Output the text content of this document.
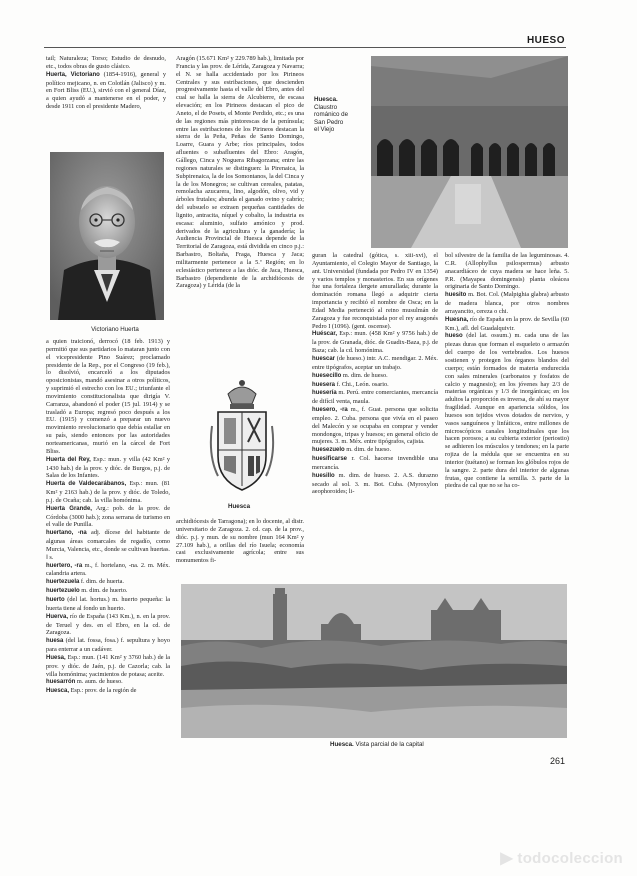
HUESO

tail; Naturaleza; Torso; Estudio de desnudo, etc., todos obras de gusto clásico.

Huerta, Victoriano (1854-1916), general y político mejicano, n. en Colotlán (Jalisco) y m. en Fort Bliss (EU.), sirvió con el general Díaz, a quien ayudó a mantenerse en el poder, y desde 1911 con el presidente Madero,

Victoriano Huerta

a quien traicionó, derrocó (18 feb. 1913) y permitió que sus partidarios lo mataran junto con el vicepresidente Pino Suárez; proclamado presidente de la Rep., por el Congreso (19 feb.), lo disolvió, encarceló a los diputados oposicionistas, mandó asesinar a otros políticos, y suprimió el estrecho con los EU.; triunfante el movimiento constitucionalista que dirigía V. Carranza, abandonó el poder (15 jul. 1914) y se trasladó a Europa; regresó poco después a los EU. (1915) y comenzó a preparar un nuevo movimiento revolucionario que debía estallar en su país, siendo entonces por las autoridades norteamericanas, murió en la cárcel de Fort Bliss.

Huerta del Rey, Esp.: mun. y villa (42 Km² y 1430 hab.) de la prov. y dióc. de Burgos, p.j. de Salas de los Infantes.

Huerta de Valdecarábanos, Esp.: mun. (81 Km² y 2163 hab.) de la prov. y dióc. de Toledo, p.j. de Ocaña; cab. la villa homónima.

Huerta Grande, Arg.: pob. de la prov. de Córdoba (3000 hab.); zona serrana de turismo en el valle de Punilla.

huertano, -na adj. dícese del habitante de algunas áreas comarcales de regadío, como Murcia, Valencia, etc., donde se cultivan huertas. ‖ s.

huertero, -ra m., f. hortelano, -na. 2. m. Méx. calandria artera.

huertezuela f. dim. de huerta.

huertezuelo m. dim. de huerto.

huerto (del lat. hortus.) m. huerto pequeña: la huerta tiene al fondo un huerto.

Huerva, río de España (143 Km.), n. en la prov. de Teruel y des. en el Ebro, en la cd. de Zaragoza.

huesa (del lat. fossa, fosa.) f. sepultura y hoyo para enterrar a un cadáver.

Huesa, Esp.: mun. (141 Km² y 3760 hab.) de la prov. y dióc. de Jaén, p.j. de Cazorla; cab. la villa homónima; yacimientos de potasa; aceite.

huesarrón m. aum. de hueso.

Huesca, Esp.: prov. de la región de

Aragón (15.671 Km² y 229.789 hab.), limitada por Francia y las prov. de Lérida, Zaragoza y Navarra; el N. se halla accidentado por los Pirineos Centrales y sus estribaciones, que descienden progresivamente hasta el valle del Ebro, antes del cual se halla la sierra de Alcubierre, de escasa elevación; en los Pirineos destacan el pico de Aneto, el de Posets, el Monte Perdido, etc.; es una de las regiones más pintorescas de la península; entre las estribaciones de los Pirineos destacan la sierra de la Peña, Peñas de Santo Domingo, Loarre, Guara y Arbe; ríos principales, todos afluentes o subafluentes del Ebro: Aragón, Gállego, Cinca y Noguera Ribagorzana; entre las regiones naturales se distinguen: la Pirenaica, la Subpirenaica, la de los Somontanos, la del Cinca y la de los Monegros; se cultivan cereales, patatas, remolacha azucarera, lino, algodón, olivo, vid y árboles frutales; abunda el ganado ovino y cabrío; del subsuelo se extraen pequeñas cantidades de lignito, antracita, níquel y cobalto, la industria es escasa: aluminio, sulfato amónico y prod. derivados de la agricultura y la ganadería; la Audiencia Provincial de Huesca depende de la Territorial de Zaragoza, está dividida en cinco p.j.: Barbastro, Boltaña, Fraga, Huesca y Jaca; militarmente pertenece a la 5.ª Región; en lo eclesiástico pertenece a las dióc. de Jaca, Huesca, Barbastro (dependiente de la archidiócesis de Zaragoza) y Lérida (de la

Huesca

archidiócesis de Tarragona); en lo docente, al distr. universitario de Zaragoza. 2. cd. cap. de la prov., dióc. p.j. y mun. de su nombre (mun 164 Km² y 27.109 hab.), a orillas del río Isuela; economía casi exclusivamente agrícola; entre sus monumentos fi-

Huesca.
Claustro
románico de
San Pedro
el Viejo

guran la catedral (góticа, s. xiii-xvi), el Ayuntamiento, el Colegio Mayor de Santiago, la ant. Universidad (fundada por Pedro IV en 1354) y varios templos y monasterios. En sus orígenes fue una fortaleza ilergete amurallada; durante la dominación romana llegó a adquirir cierta importancia y recibió el nombre de Osca; en la Edad Media perteneció al reino musulmán de Zaragoza y fue reconquistada por el rey aragonés Pedro I (1096). (gent. oscense).

Huéscar, Esp.: mun. (458 Km² y 9756 hab.) de la prov. de Granada, dióc. de Guadix-Baza, p.j. de Baza; cab. la cd. homónima.

huescar (de hueso.) intr. A.C. mendigar. 2. Méx. entre tipógrafos, aceptar un trabajo.

huesecillo m. dim. de hueso.

huesera f. Chi., León. osario.

huesería m. Perú. entre comerciantes, mercancía de difícil venta, maula.

huesero, -ra m., f. Guat. persona que solicita empleo. 2. Cuba. persona que vivía en el paseo del Malecón y se ocupaba en comprar y vender mondongos, tripas y huesos; en general oficio de mujeres. 3. m. Méx. entre tipógrafos, cajista.

huesezuelo m. dim. de hueso.

huesificarse r. Col. hacerse invendible una mercancía.

huesillo m. dim. de hueso. 2. A.S. durazno secado al sol. 3. m. Bot. Cuba. (Myroxylon aeophoroides; li-

bol silvestre de la familia de las leguminosas. 4. C.R. (Allophyllus psilospermus) arbusto anacardiáceo de cuya madera se hace leña. 5. P.R. (Mayapea domingensis) planta oleácea originaria de Santo Domingo.

huesito m. Bot. Col. (Malpighia glabra) arbusto de madera blanca, por otros nombres arrayancito, cereza o chi.

Huesna, río de España en la prov. de Sevilla (60 Km.), afl. del Guadalquivir.

hueso (del lat. ossum.) m. cada una de las piezas duras que forman el esqueleto o armazón del cuerpo de los vertebrados. Los huesos sostienen y protegen los órganos blandos del cuerpo; están formados de materia endurecida con sales minerales (carbonatos y fosfatos de calcio y magnesio); en los jóvenes hay 2/3 de materias orgánicas y 1/3 de inorgánicas; en los adultos la proporción es inversa, de ahí su mayor fragilidad. Aunque en apariencia sólidos, los huesos son tejidos vivos dotados de nervios, y vasos sanguíneos y linfáticos, entre millones de microscópicos canales longitudinales que los hacen porosos; a su cubierta exterior (periostio) se adhieren los músculos y tendones; en la parte rojiza de la médula que se encuentra en su interior (tuétano) se forman los glóbulos rojos de la sangre. 2. parte dura del interior de algunas frutas, que contiene la semilla. 3. parte de la piedra de cal que no se ha co-

Huesca. Vista parcial de la capital
261
▶ todocoleccion
